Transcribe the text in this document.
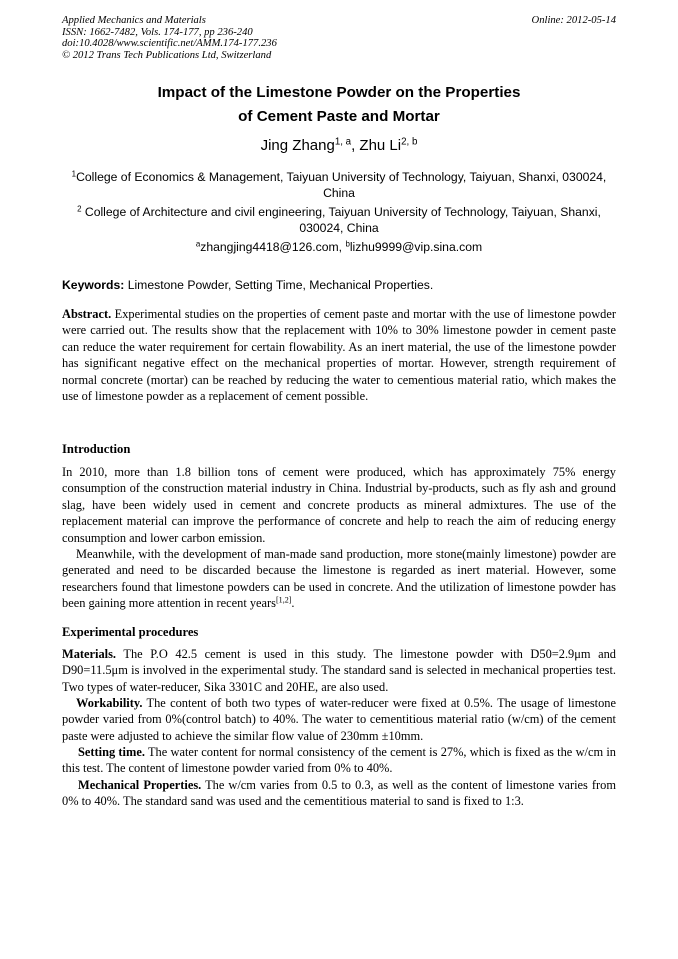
Applied Mechanics and Materials
ISSN: 1662-7482, Vols. 174-177, pp 236-240
doi:10.4028/www.scientific.net/AMM.174-177.236
© 2012 Trans Tech Publications Ltd, Switzerland
Online: 2012-05-14
Impact of the Limestone Powder on the Properties
of Cement Paste and Mortar
Jing Zhang$^{1, a}$, Zhu Li$^{2, b}$
$^1$College of Economics & Management, Taiyuan University of Technology, Taiyuan, Shanxi, 030024, China
$^2$ College of Architecture and civil engineering, Taiyuan University of Technology, Taiyuan, Shanxi, 030024, China
$^a$zhangjing4418@126.com, $^b$lizhu9999@vip.sina.com
Keywords: Limestone Powder, Setting Time, Mechanical Properties.
Abstract. Experimental studies on the properties of cement paste and mortar with the use of limestone powder were carried out. The results show that the replacement with 10% to 30% limestone powder in cement paste can reduce the water requirement for certain flowability. As an inert material, the use of the limestone powder has significant negative effect on the mechanical properties of mortar. However, strength requirement of normal concrete (mortar) can be reached by reducing the water to cementious material ratio, which makes the use of limestone powder as a replacement of cement possible.
Introduction
In 2010, more than 1.8 billion tons of cement were produced, which has approximately 75% energy consumption of the construction material industry in China. Industrial by-products, such as fly ash and ground slag, have been widely used in cement and concrete products as mineral admixtures. The use of the replacement material can improve the performance of concrete and help to reach the aim of reducing energy consumption and lower carbon emission.
Meanwhile, with the development of man-made sand production, more stone(mainly limestone) powder are generated and need to be discarded because the limestone is regarded as inert material. However, some researchers found that limestone powders can be used in concrete. And the utilization of limestone powder has been gaining more attention in recent years[1,2].
Experimental procedures
Materials. The P.O 42.5 cement is used in this study. The limestone powder with D50=2.9μm and D90=11.5μm is involved in the experimental study. The standard sand is selected in mechanical properties test. Two types of water-reducer, Sika 3301C and 20HE, are also used.
Workability. The content of both two types of water-reducer were fixed at 0.5%. The usage of limestone powder varied from 0%(control batch) to 40%. The water to cementitious material ratio (w/cm) of the cement paste were adjusted to achieve the similar flow value of 230mm ±10mm.
Setting time. The water content for normal consistency of the cement is 27%, which is fixed as the w/cm in this test. The content of limestone powder varied from 0% to 40%.
Mechanical Properties. The w/cm varies from 0.5 to 0.3, as well as the content of limestone varies from 0% to 40%. The standard sand was used and the cementitious material to sand is fixed to 1:3.
